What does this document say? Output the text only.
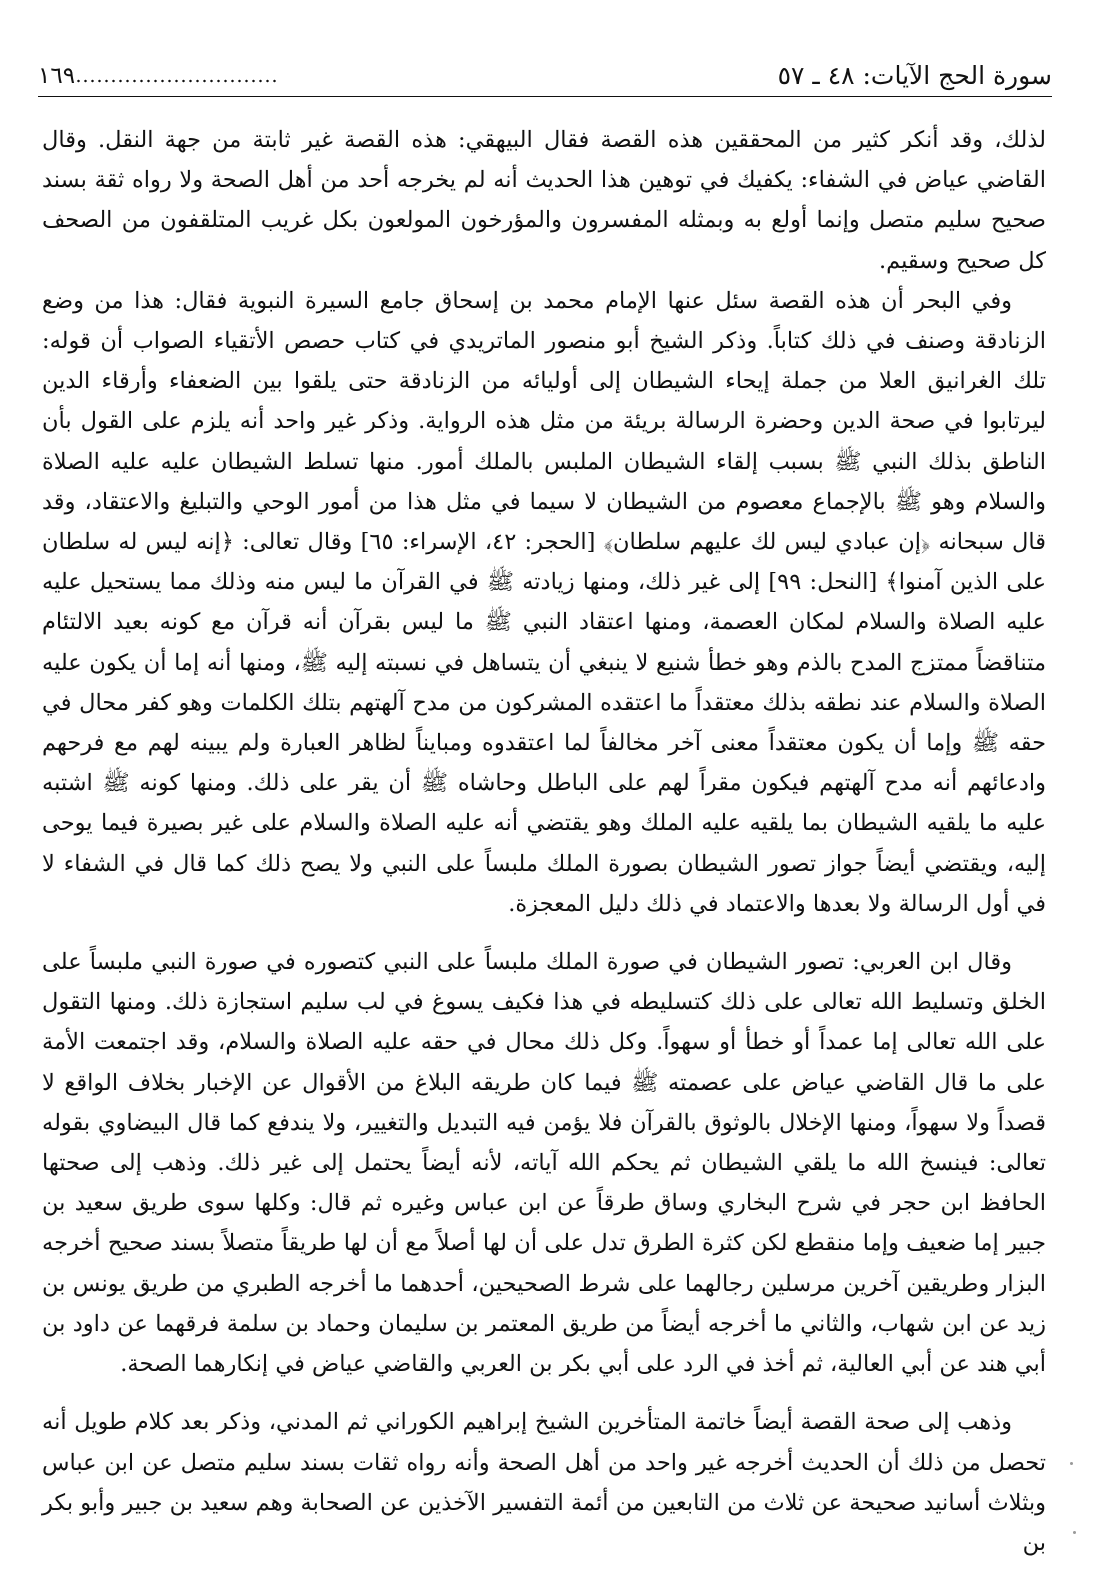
سورة الحج الآيات: ٤٨ ـ ٥٧
١٦٩

لذلك، وقد أنكر كثير من المحققين هذه القصة فقال البيهقي: هذه القصة غير ثابتة من جهة النقل. وقال القاضي عياض في الشفاء: يكفيك في توهين هذا الحديث أنه لم يخرجه أحد من أهل الصحة ولا رواه ثقة بسند صحيح سليم متصل وإنما أولع به وبمثله المفسرون والمؤرخون المولعون بكل غريب المتلقفون من الصحف كل صحيح وسقيم.

وفي البحر أن هذه القصة سئل عنها الإمام محمد بن إسحاق جامع السيرة النبوية فقال: هذا من وضع الزنادقة وصنف في ذلك كتاباً. وذكر الشيخ أبو منصور الماتريدي في كتاب حصص الأتقياء الصواب أن قوله: تلك الغرانيق العلا من جملة إيحاء الشيطان إلى أوليائه من الزنادقة حتى يلقوا بين الضعفاء وأرقاء الدين ليرتابوا في صحة الدين وحضرة الرسالة بريئة من مثل هذه الرواية. وذكر غير واحد أنه يلزم على القول بأن الناطق بذلك النبي ﷺ بسبب إلقاء الشيطان الملبس بالملك أمور. منها تسلط الشيطان عليه عليه الصلاة والسلام وهو ﷺ بالإجماع معصوم من الشيطان لا سيما في مثل هذا من أمور الوحي والتبليغ والاعتقاد، وقد قال سبحانه ﴿إن عبادي ليس لك عليهم سلطان﴾ [الحجر: ٤٢، الإسراء: ٦٥] وقال تعالى: ﴿إنه ليس له سلطان على الذين آمنوا﴾ [النحل: ٩٩] إلى غير ذلك، ومنها زيادته ﷺ في القرآن ما ليس منه وذلك مما يستحيل عليه عليه الصلاة والسلام لمكان العصمة، ومنها اعتقاد النبي ﷺ ما ليس بقرآن أنه قرآن مع كونه بعيد الالتئام متناقضاً ممتزج المدح بالذم وهو خطأ شنيع لا ينبغي أن يتساهل في نسبته إليه ﷺ، ومنها أنه إما أن يكون عليه الصلاة والسلام عند نطقه بذلك معتقداً ما اعتقده المشركون من مدح آلهتهم بتلك الكلمات وهو كفر محال في حقه ﷺ وإما أن يكون معتقداً معنى آخر مخالفاً لما اعتقدوه ومبايناً لظاهر العبارة ولم يبينه لهم مع فرحهم وادعائهم أنه مدح آلهتهم فيكون مقراً لهم على الباطل وحاشاه ﷺ أن يقر على ذلك. ومنها كونه ﷺ اشتبه عليه ما يلقيه الشيطان بما يلقيه عليه الملك وهو يقتضي أنه عليه الصلاة والسلام على غير بصيرة فيما يوحى إليه، ويقتضي أيضاً جواز تصور الشيطان بصورة الملك ملبساً على النبي ولا يصح ذلك كما قال في الشفاء لا في أول الرسالة ولا بعدها والاعتماد في ذلك دليل المعجزة.

وقال ابن العربي: تصور الشيطان في صورة الملك ملبساً على النبي كتصوره في صورة النبي ملبساً على الخلق وتسليط الله تعالى على ذلك كتسليطه في هذا فكيف يسوغ في لب سليم استجازة ذلك. ومنها التقول على الله تعالى إما عمداً أو خطأ أو سهواً. وكل ذلك محال في حقه عليه الصلاة والسلام، وقد اجتمعت الأمة على ما قال القاضي عياض على عصمته ﷺ فيما كان طريقه البلاغ من الأقوال عن الإخبار بخلاف الواقع لا قصداً ولا سهواً، ومنها الإخلال بالوثوق بالقرآن فلا يؤمن فيه التبديل والتغيير، ولا يندفع كما قال البيضاوي بقوله تعالى: فينسخ الله ما يلقي الشيطان ثم يحكم الله آياته، لأنه أيضاً يحتمل إلى غير ذلك. وذهب إلى صحتها الحافظ ابن حجر في شرح البخاري وساق طرقاً عن ابن عباس وغيره ثم قال: وكلها سوى طريق سعيد بن جبير إما ضعيف وإما منقطع لكن كثرة الطرق تدل على أن لها أصلاً مع أن لها طريقاً متصلاً بسند صحيح أخرجه البزار وطريقين آخرين مرسلين رجالهما على شرط الصحيحين، أحدهما ما أخرجه الطبري من طريق يونس بن زيد عن ابن شهاب، والثاني ما أخرجه أيضاً من طريق المعتمر بن سليمان وحماد بن سلمة فرقهما عن داود بن أبي هند عن أبي العالية، ثم أخذ في الرد على أبي بكر بن العربي والقاضي عياض في إنكارهما الصحة.

وذهب إلى صحة القصة أيضاً خاتمة المتأخرين الشيخ إبراهيم الكوراني ثم المدني، وذكر بعد كلام طويل أنه تحصل من ذلك أن الحديث أخرجه غير واحد من أهل الصحة وأنه رواه ثقات بسند سليم متصل عن ابن عباس وبثلاث أسانيد صحيحة عن ثلاث من التابعين من أئمة التفسير الآخذين عن الصحابة وهم سعيد بن جبير وأبو بكر بن
